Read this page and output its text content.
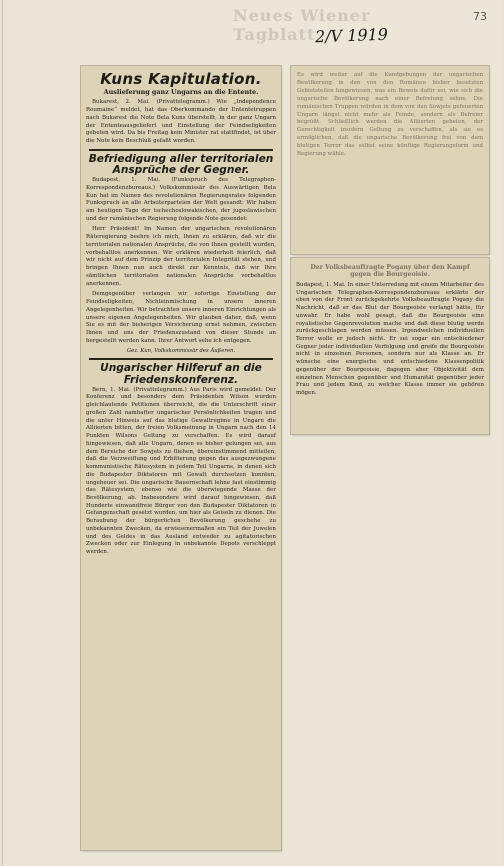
Neues Wiener Tagblatt 2/V 1919
73
Kuns Kapitulation.
Auslieferung ganz Ungarns an die Entente.
Bukarest, 2. Mai. (Privattelegramm.) Wie „Independence Roumaine“ meldet, hat das Oberkommando der Ententetruppen nach Bukarest die Note Bela Kuns überstellt, in der ganz Ungarn der Ententeausgeliefert und Einstellung der Feindseligkeiten gebeten wird. Da bis Freitag kein Minister rat stattfindet, ist über die Note kein Beschluß gefaßt worden.
Befriedigung aller territorialen Ansprüche der Gegner.
Budapest, 1. Mai. (Funkspruch des Telegraphen-Korrespondenzbureaus.) Volkskommissär des Auswärtigen Bela Kun hat im Namen des revolutionären Regierungsrates folgenden Funkspruch an alle Arbeiterparteien der Welt gesandt: Wir haben am heutigen Tage der tschechoslowakischen, der jugoslawischen und der rumänischen Regierung folgende Note gesendet:
Herr Präsident! Im Namen der ungarischen revolutionären Räteregierung beehre ich mich, Ihnen zu erklären, daß wir die territorialen nationalen Ansprüche, die von Ihnen gestellt wurden, vorbehaltlos anerkennen. Wir erklären wiederholt feierlich, daß wir nicht auf dem Prinzip der territorialen Integrität stehen, und bringen Ihnen nun auch direkt zur Kenntnis, daß wir Ihre sämtlichen territorialen nationalen Ansprüche vorbehaltlos anerkennen.
Demgegenüber verlangen wir sofortige Einstellung der Feindseligkeiten, Nichteinmischung in unsere inneren Angelegenheiten. Wir betrachten unsere inneren Einrichtungen als unsere eigenen Angelegenheiten. Wir glauben daher, daß, wenn Sie es mit der bisherigen Versicherung ernst nehmen, zwischen Ihnen und uns der Friedenszustand von dieser Stunde an hergestellt werden kann. Ihrer Antwort sehe ich entgegen.
Gez. Kun, Volkskommissär des Äußeren.
Ungarischer Hilferuf an die Friedenskonferenz.
Bern, 1. Mai. (Privattelegramm.) Aus Paris wird gemeldet: Der Konferenz und besonders dem Präsidenten Wilson wurden gleichlautende Petitionen überreicht, die die Unterschrift einer großen Zahl namhafter ungarischer Persönlichkeiten tragen und die unter Hinweis auf das blutige Gewaltregime in Ungarn die Alliierten bitten, der freien Volksmeinung in Ungarn nach den 14 Punkten Wilsons Geltung zu verschaffen. Es wird darauf hingewiesen, daß alle Ungarn, denen es bisher gelungen sei, aus dem Bereiche der Sowjets zu fliehen, übereinstimmend mitteilen, daß die Verzweiflung und Erbitterung gegen das ausgezwungene kommunistische Rätesystem in jedem Teil Ungarns, in denen sich die Budapester Diktatoren mit Gewalt durchsetzen konnten, ungeheuer sei. Die ungarische Bauernschaft lehne fast einstimmig das Rätesystem, ebenso wie die überwiegende Masse der Bevölkerung, ab. Insbesondere wird darauf hingewiesen, daß Hunderte einwandfreie Bürger von den Budapester Diktatoren in Gefangenschaft gesetzt wurden, um hier als Geiseln zu dienen. Die Beraubung der bürgerlichen Bevölkerung geschehe zu unbekannten Zwecken, da erwiesenermaßen ein Teil der Juwelen und des Geldes in das Ausland entweder zu agitatorischen Zwecken oder zur Einlegung in unbekannte Depots verschleppt werden.
Es wird weiter auf die Kundgebungen der ungarischen Bevölkerung in den von den Rumänen bisher besetzten Gebietsteilen hingewiesen, was ein Beweis dafür sei, wie sich die ungarische Bevölkerung nach einer Befreiung sehne. Die rumänischen Truppen würden in dem von den Sowjets gefeuerten Ungarn längst nicht mehr als Feinde, sondern als Befreier begrüßt. Schließlich werden die Alliierten gebeten, der Gerechtigkeit insofern Geltung zu verschaffen, als sie es ermöglichen, daß die ungarische Bevölkerung frei von dem blutigen Terror das selbst seine künftige Regierungsform und Regierung wähle.
Der Volksbeauftragte Pogany über den Kampf gegen die Bourgeoisie.
Budapest, 1. Mai. In einer Unterredung mit einem Mitarbeiter des Ungarischen Telegraphen-Korrespondenzbureaus erklärte der eben von der Front zurückgekehrte Volksbeauftragte Pogany die Nachricht, daß er das Blut der Bourgeoisie verlangt hätte, für unwahr. Er habe wohl gesagt, daß die Bourgeoisie eine royalistische Gegenrevolution mache und daß diese blutig werde zurückgeschlagen werden müssen. Irgendwelchen individuellen Terror wolle er jedoch nicht. Er sei sogar ein entschiedener Gegner jeder individuellen Verfolgung und greife die Bourgeoisie nicht in einzelnen Personen, sondern nur als Klasse an. Er wünsche eine energische und entschiedene Klassenpolitik gegenüber der Bourgeoisie, dagegen aber Objektivität dem einzelnen Menschen gegenüber und Humanität gegenüber jeder Frau und jedem Kind, zu welcher Klasse immer sie gehören mögen.
